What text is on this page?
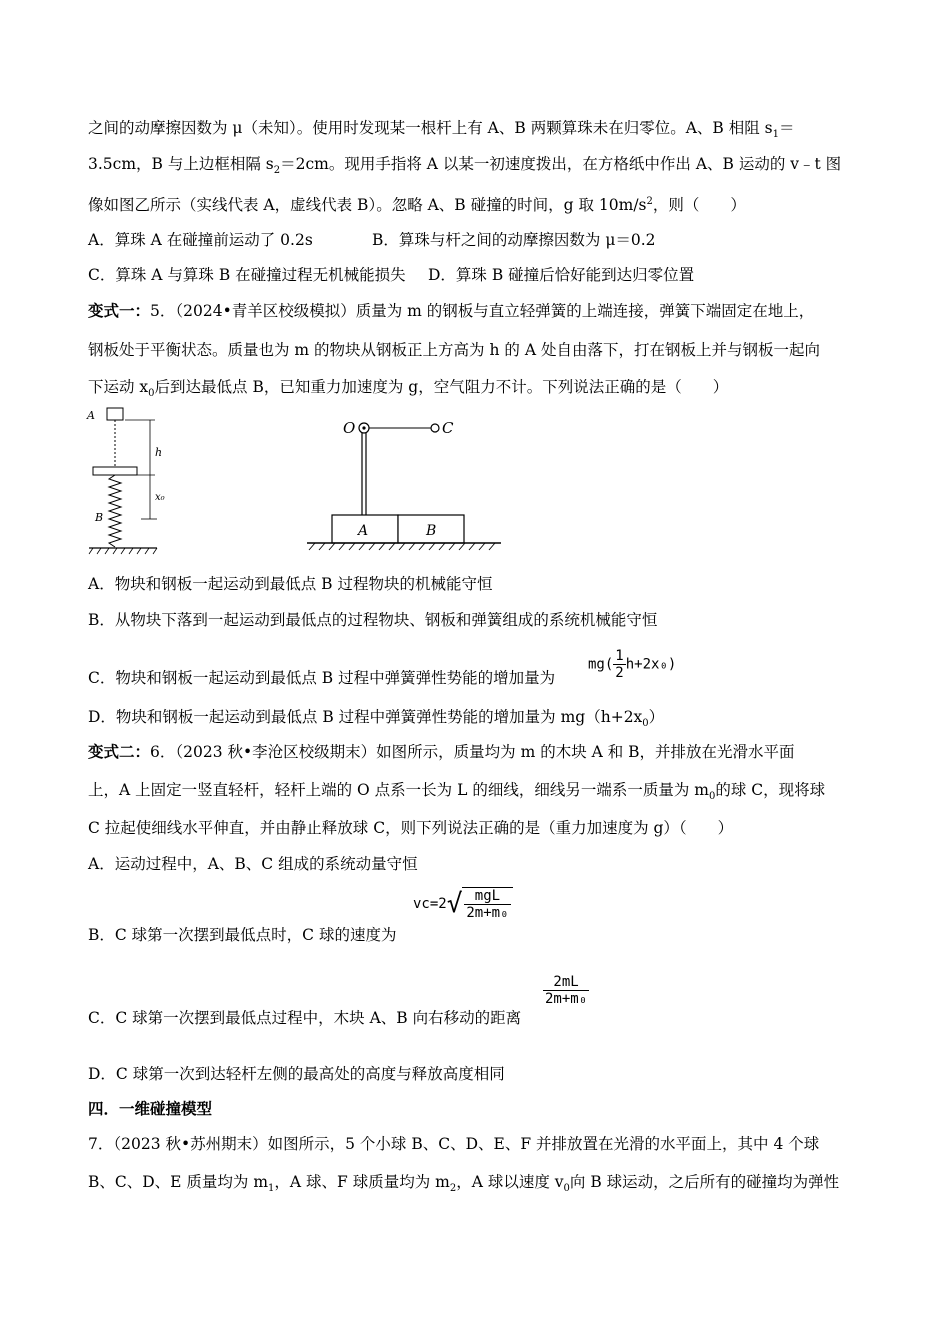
之间的动摩擦因数为 μ（未知）。使用时发现某一根杆上有 A、B 两颗算珠未在归零位。A、B 相阻 $s_1=$
3.5cm，B 与上边框相隔 $s_2=2cm$。现用手指将 A 以某一初速度拨出，在方格纸中作出 A、B 运动的 v﹣t 图
像如图乙所示（实线代表 A，虚线代表 B）。忽略 A、B 碰撞的时间，g 取 $10m/s^2$，则（　　）
A．算珠 A 在碰撞前运动了 0.2s	B．算珠与杆之间的动摩擦因数为 μ＝0.2
C．算珠 A 与算珠 B 在碰撞过程无机械能损失 D．算珠 B 碰撞后恰好能到达归零位置
变式一：5．（2024•青羊区校级模拟）质量为 m 的钢板与直立轻弹簧的上端连接，弹簧下端固定在地上，
钢板处于平衡状态。质量也为 m 的物块从钢板正上方高为 h 的 A 处自由落下，打在钢板上并与钢板一起向
下运动 $x_0$后到达最低点 B，已知重力加速度为 g，空气阻力不计。下列说法正确的是（　　）
A
h
x₀
B
O	C
A	B
A．物块和钢板一起运动到最低点 B 过程物块的机械能守恒
B．从物块下落到一起运动到最低点的过程物块、钢板和弹簧组成的系统机械能守恒
C．物块和钢板一起运动到最低点 B 过程中弹簧弹性势能的增加量为
$mg( \frac{1}{2} h+2x_0)$
D．物块和钢板一起运动到最低点 B 过程中弹簧弹性势能的增加量为 $mg(h+2x_0)$
变式二：6．（2023 秋•李沧区校级期末）如图所示，质量均为 m 的木块 A 和 B，并排放在光滑水平面
上，A 上固定一竖直轻杆，轻杆上端的 O 点系一长为 L 的细线，细线另一端系一质量为 $m_0$的球 C，现将球
C 拉起使细线水平伸直，并由静止释放球 C，则下列说法正确的是（重力加速度为 g）（　　）
A．运动过程中，A、B、C 组成的系统动量守恒
B．C 球第一次摆到最低点时，C 球的速度为
$vc=2√ \frac{\text{mgL}}{\text{2m+m₀}}$
C．C 球第一次摆到最低点过程中，木块 A、B 向右移动的距离
$\frac{2mL}{\text{2m+m₀}}$
D．C 球第一次到达轻杆左侧的最高处的高度与释放高度相同
四．一维碰撞模型
7．（2023 秋•苏州期末）如图所示，5 个小球 B、C、D、E、F 并排放置在光滑的水平面上，其中 4 个球
B、C、D、E 质量均为 $m_1$，A 球、F 球质量均为 $m_2$，A 球以速度 $v_0$向 B 球运动，之后所有的碰撞均为弹性
